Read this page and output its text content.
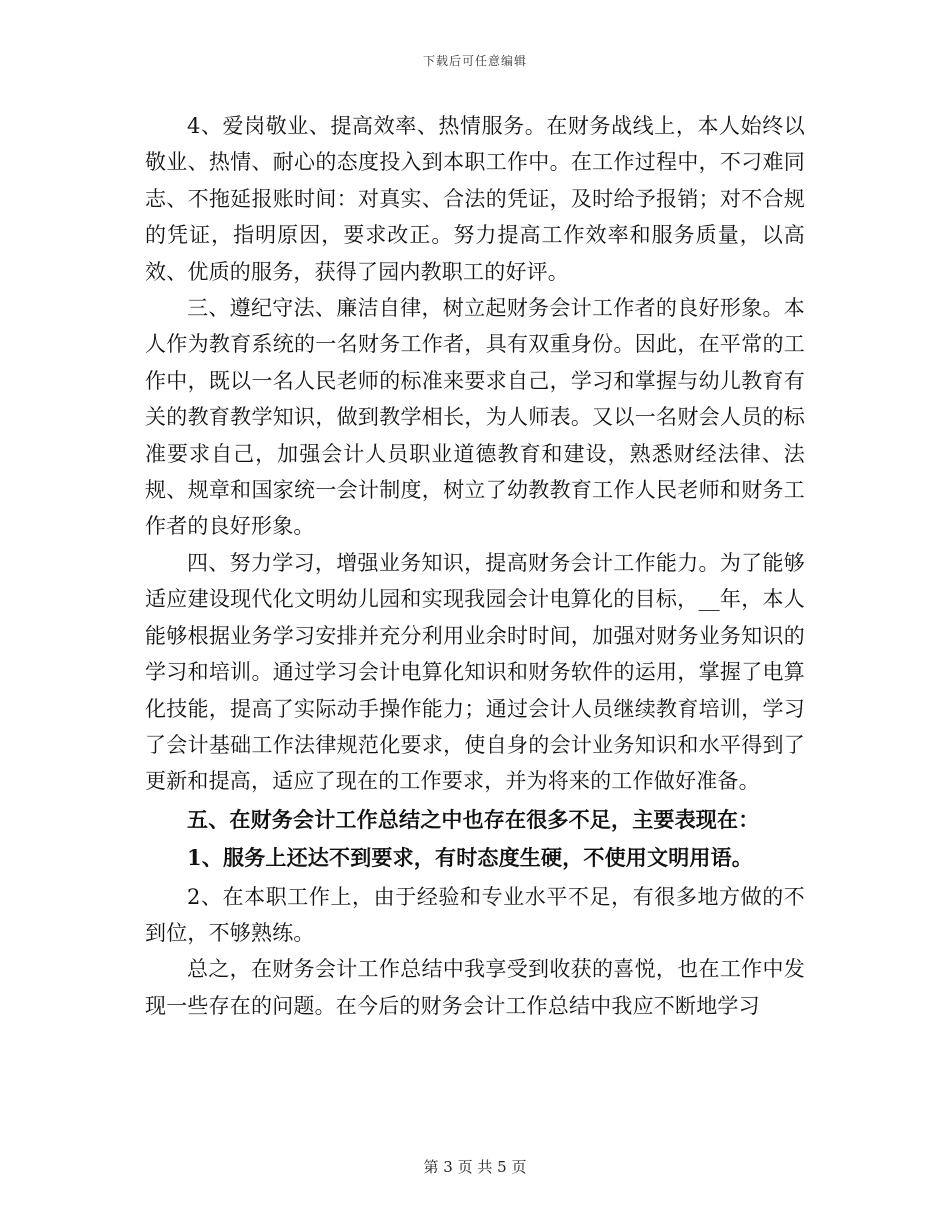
下载后可任意编辑

4、爱岗敬业、提高效率、热情服务。在财务战线上，本人始终以敬业、热情、耐心的态度投入到本职工作中。在工作过程中，不刁难同志、不拖延报账时间：对真实、合法的凭证，及时给予报销；对不合规的凭证，指明原因，要求改正。努力提高工作效率和服务质量，以高效、优质的服务，获得了园内教职工的好评。

三、遵纪守法、廉洁自律，树立起财务会计工作者的良好形象。本人作为教育系统的一名财务工作者，具有双重身份。因此，在平常的工作中，既以一名人民老师的标准来要求自己，学习和掌握与幼儿教育有关的教育教学知识，做到教学相长，为人师表。又以一名财会人员的标准要求自己，加强会计人员职业道德教育和建设，熟悉财经法律、法规、规章和国家统一会计制度，树立了幼教教育工作人民老师和财务工作者的良好形象。

四、努力学习，增强业务知识，提高财务会计工作能力。为了能够适应建设现代化文明幼儿园和实现我园会计电算化的目标，__年，本人能够根据业务学习安排并充分利用业余时时间，加强对财务业务知识的学习和培训。通过学习会计电算化知识和财务软件的运用，掌握了电算化技能，提高了实际动手操作能力；通过会计人员继续教育培训，学习了会计基础工作法律规范化要求，使自身的会计业务知识和水平得到了更新和提高，适应了现在的工作要求，并为将来的工作做好准备。

五、在财务会计工作总结之中也存在很多不足，主要表现在：

1、服务上还达不到要求，有时态度生硬，不使用文明用语。

2、在本职工作上，由于经验和专业水平不足，有很多地方做的不到位，不够熟练。

总之，在财务会计工作总结中我享受到收获的喜悦，也在工作中发现一些存在的问题。在今后的财务会计工作总结中我应不断地学习

第 3 页 共 5 页
